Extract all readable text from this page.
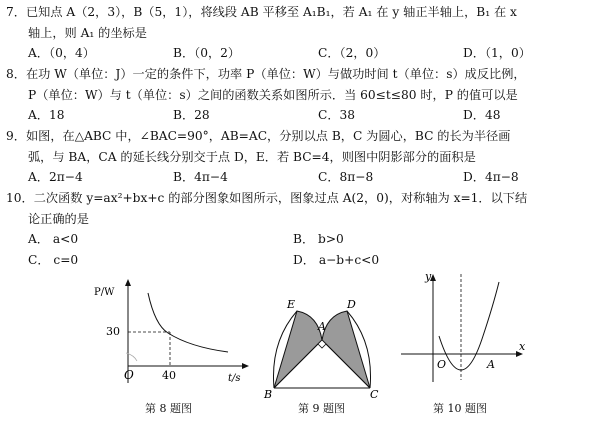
7．已知点 A（2，3），B（5，1），将线段 AB 平移至 A₁B₁，若 A₁ 在 y 轴正半轴上，B₁ 在 x
轴上，则 A₁ 的坐标是
A．（0，4）	B．（0，2）	C．（2，0）	D．（1，0）
8．在功 W（单位：J）一定的条件下，功率 P（单位：W）与做功时间 t（单位：s）成反比例，
P（单位：W）与 t（单位：s）之间的函数关系如图所示．当 60≤t≤80 时，P 的值可以是
A．18	B．28	C．38	D．48
9．如图，在△ABC 中，∠BAC=90°，AB=AC，分别以点 B，C 为圆心，BC 的长为半径画
弧，与 BA，CA 的延长线分别交于点 D，E．若 BC=4，则图中阴影部分的面积是
A．2π−4	B．4π−4	C．8π−8	D．4π−8
10．二次函数 y=ax²+bx+c 的部分图象如图所示，图象过点 A(2，0)，对称轴为 x=1．以下结
论正确的是
A． a<0	B． b>0
C． c=0	D． a−b+c<0
P/W
30
O	40	t/s
第 8 题图
E	D
A
B	C
第 9 题图
y
x
O	A
第 10 题图
